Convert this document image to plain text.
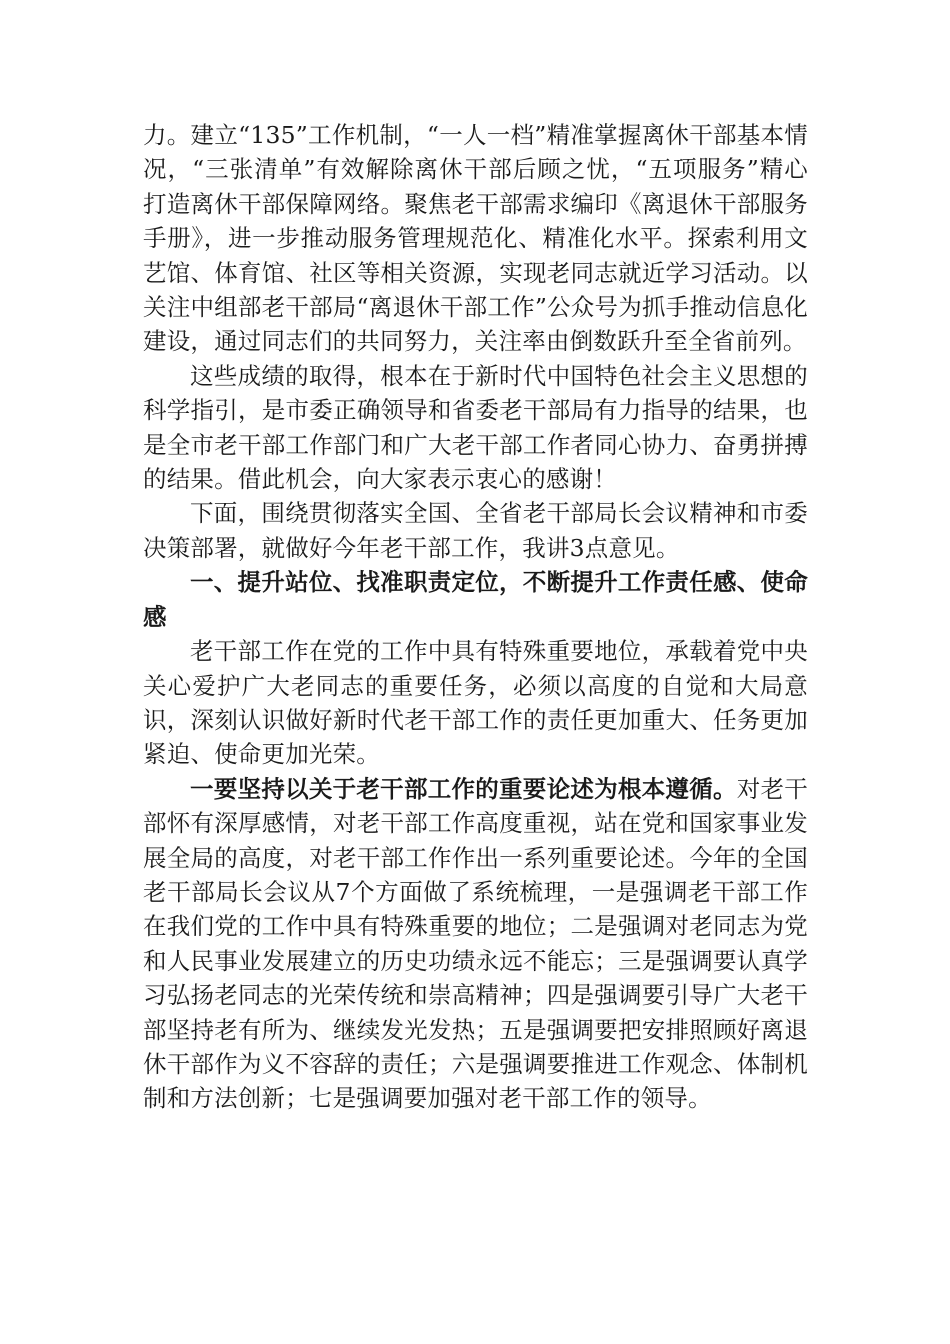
力。建立“135”工作机制，“一人一档”精准掌握离休干部基本情况，“三张清单”有效解除离休干部后顾之忧，“五项服务”精心打造离休干部保障网络。聚焦老干部需求编印《离退休干部服务手册》，进一步推动服务管理规范化、精准化水平。探索利用文艺馆、体育馆、社区等相关资源，实现老同志就近学习活动。以关注中组部老干部局“离退休干部工作”公众号为抓手推动信息化建设，通过同志们的共同努力，关注率由倒数跃升至全省前列。

这些成绩的取得，根本在于新时代中国特色社会主义思想的科学指引，是市委正确领导和省委老干部局有力指导的结果，也是全市老干部工作部门和广大老干部工作者同心协力、奋勇拼搏的结果。借此机会，向大家表示衷心的感谢！

下面，围绕贯彻落实全国、全省老干部局长会议精神和市委决策部署，就做好今年老干部工作，我讲3点意见。

一、提升站位、找准职责定位，不断提升工作责任感、使命感

老干部工作在党的工作中具有特殊重要地位，承载着党中央关心爱护广大老同志的重要任务，必须以高度的自觉和大局意识，深刻认识做好新时代老干部工作的责任更加重大、任务更加紧迫、使命更加光荣。

一要坚持以关于老干部工作的重要论述为根本遵循。对老干部怀有深厚感情，对老干部工作高度重视，站在党和国家事业发展全局的高度，对老干部工作作出一系列重要论述。今年的全国老干部局长会议从7个方面做了系统梳理，一是强调老干部工作在我们党的工作中具有特殊重要的地位；二是强调对老同志为党和人民事业发展建立的历史功绩永远不能忘；三是强调要认真学习弘扬老同志的光荣传统和崇高精神；四是强调要引导广大老干部坚持老有所为、继续发光发热；五是强调要把安排照顾好离退休干部作为义不容辞的责任；六是强调要推进工作观念、体制机制和方法创新；七是强调要加强对老干部工作的领导。
